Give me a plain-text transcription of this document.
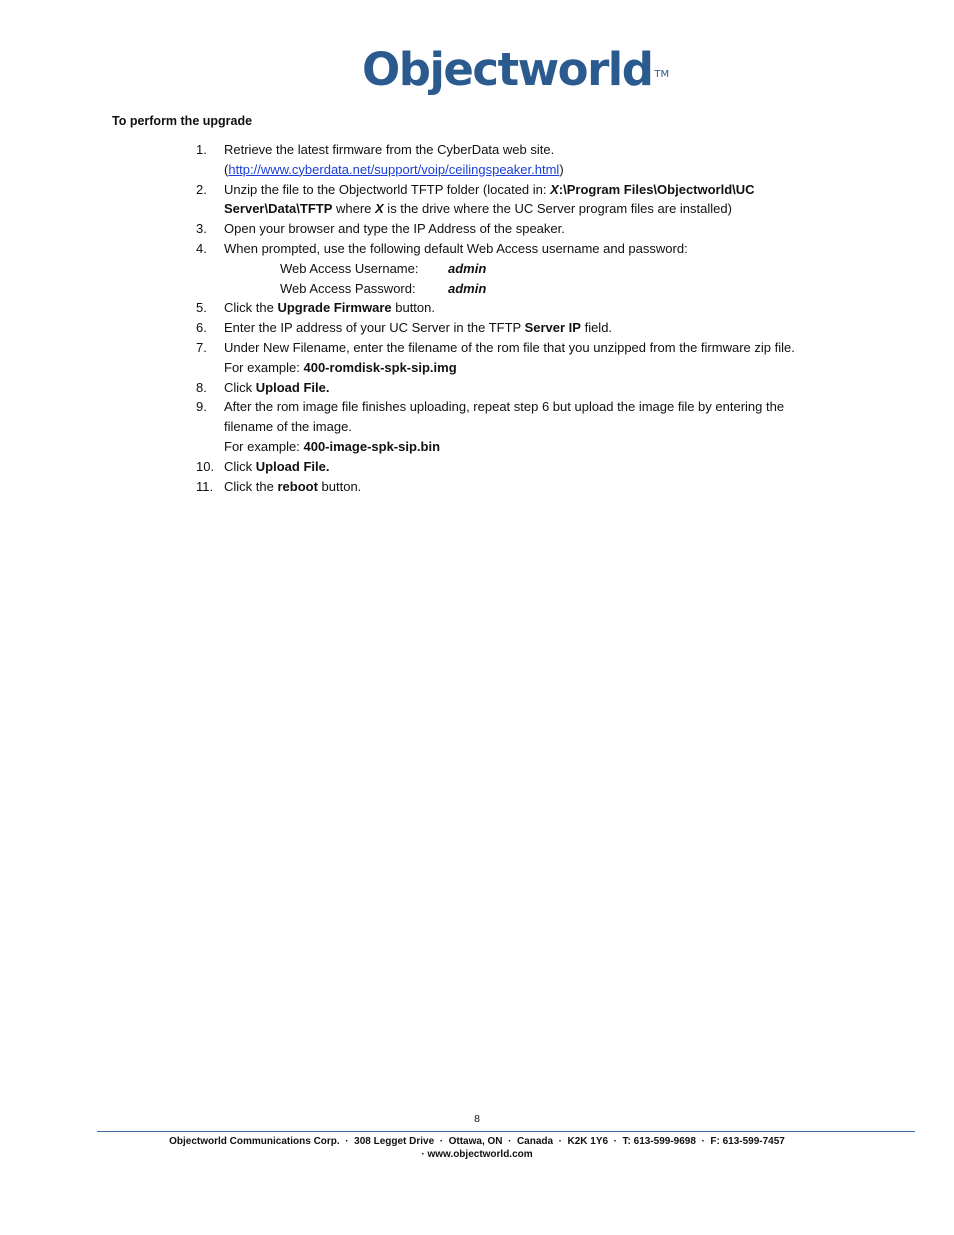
Objectworld ™
To perform the upgrade
1. Retrieve the latest firmware from the CyberData web site.
(http://www.cyberdata.net/support/voip/ceilingspeaker.html)
2. Unzip the file to the Objectworld TFTP folder (located in: X:\Program Files\Objectworld\UC Server\Data\TFTP where X is the drive where the UC Server program files are installed)
3. Open your browser and type the IP Address of the speaker.
4. When prompted, use the following default Web Access username and password:
Web Access Username: admin
Web Access Password: admin
5. Click the Upgrade Firmware button.
6. Enter the IP address of your UC Server in the TFTP Server IP field.
7. Under New Filename, enter the filename of the rom file that you unzipped from the firmware zip file.
For example: 400-romdisk-spk-sip.img
8. Click Upload File.
9. After the rom image file finishes uploading, repeat step 6 but upload the image file by entering the filename of the image.
For example: 400-image-spk-sip.bin
10. Click Upload File.
11. Click the reboot button.
8
Objectworld Communications Corp.  ·  308 Legget Drive  ·  Ottawa, ON  ·  Canada  ·  K2K 1Y6  ·  T: 613-599-9698  ·  F: 613-599-7457
· www.objectworld.com
